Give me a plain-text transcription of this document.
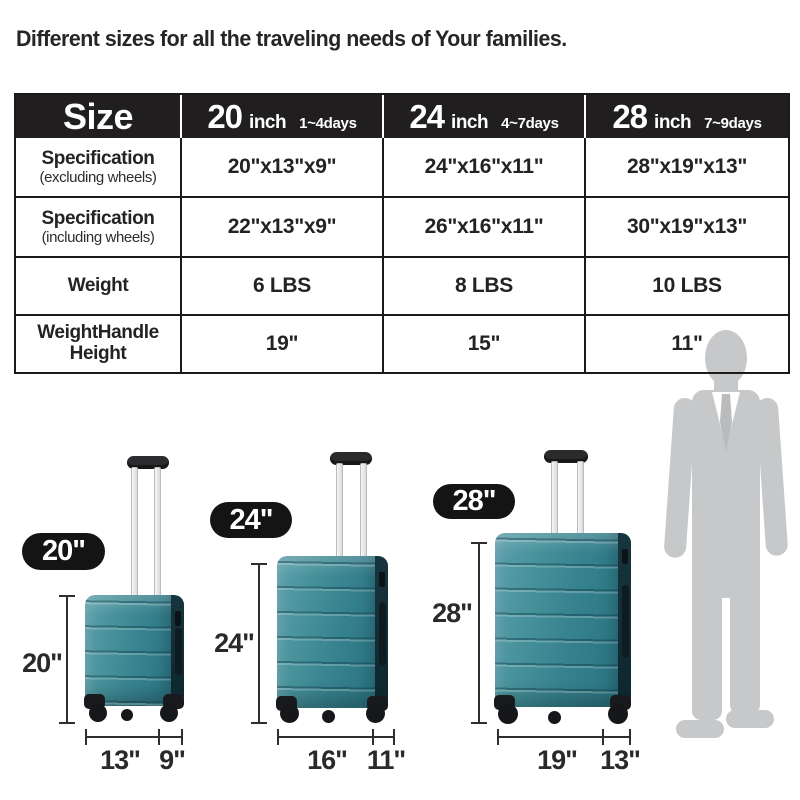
Different sizes for all the traveling needs of Your families.
Size	20 inch 1~4days	24 inch 4~7days	28 inch 7~9days

Specification
(excluding wheels)	20"x13"x9"	24"x16"x11"	28"x19"x13"

Specification
(including wheels)	22"x13"x9"	26"x16"x11"	30"x19"x13"

Weight	6 LBS	8 LBS	10 LBS

WeightHandle Height	19"	15"	11"
20"
24"
28"
20"
24"
28"
13" 9"	16" 11"	19" 13"
